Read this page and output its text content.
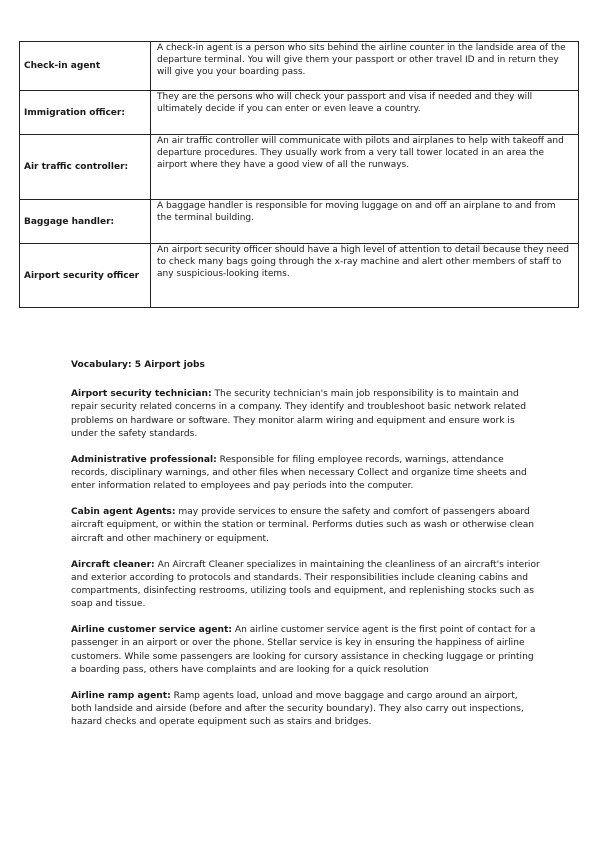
Check-in agent	A check-in agent is a person who sits behind the airline counter in the landside area of the departure terminal. You will give them your passport or other travel ID and in return they will give you your boarding pass.
Immigration officer:	They are the persons who will check your passport and visa if needed and they will ultimately decide if you can enter or even leave a country.
Air traffic controller:	An air traffic controller will communicate with pilots and airplanes to help with takeoff and departure procedures. They usually work from a very tall tower located in an area the airport where they have a good view of all the runways.
Baggage handler:	A baggage handler is responsible for moving luggage on and off an airplane to and from the terminal building.
Airport security officer	An airport security officer should have a high level of attention to detail because they need to check many bags going through the x-ray machine and alert other members of staff to any suspicious-looking items.

Vocabulary: 5 Airport jobs

Airport security technician: The security technician's main job responsibility is to maintain and repair security related concerns in a company. They identify and troubleshoot basic network related problems on hardware or software. They monitor alarm wiring and equipment and ensure work is under the safety standards.

Administrative professional: Responsible for filing employee records, warnings, attendance records, disciplinary warnings, and other files when necessary Collect and organize time sheets and enter information related to employees and pay periods into the computer.

Cabin agent Agents: may provide services to ensure the safety and comfort of passengers aboard aircraft equipment, or within the station or terminal. Performs duties such as wash or otherwise clean aircraft and other machinery or equipment.

Aircraft cleaner: An Aircraft Cleaner specializes in maintaining the cleanliness of an aircraft's interior and exterior according to protocols and standards. Their responsibilities include cleaning cabins and compartments, disinfecting restrooms, utilizing tools and equipment, and replenishing stocks such as soap and tissue.

Airline customer service agent: An airline customer service agent is the first point of contact for a passenger in an airport or over the phone. Stellar service is key in ensuring the happiness of airline customers. While some passengers are looking for cursory assistance in checking luggage or printing a boarding pass, others have complaints and are looking for a quick resolution

Airline ramp agent: Ramp agents load, unload and move baggage and cargo around an airport, both landside and airside (before and after the security boundary). They also carry out inspections, hazard checks and operate equipment such as stairs and bridges.
